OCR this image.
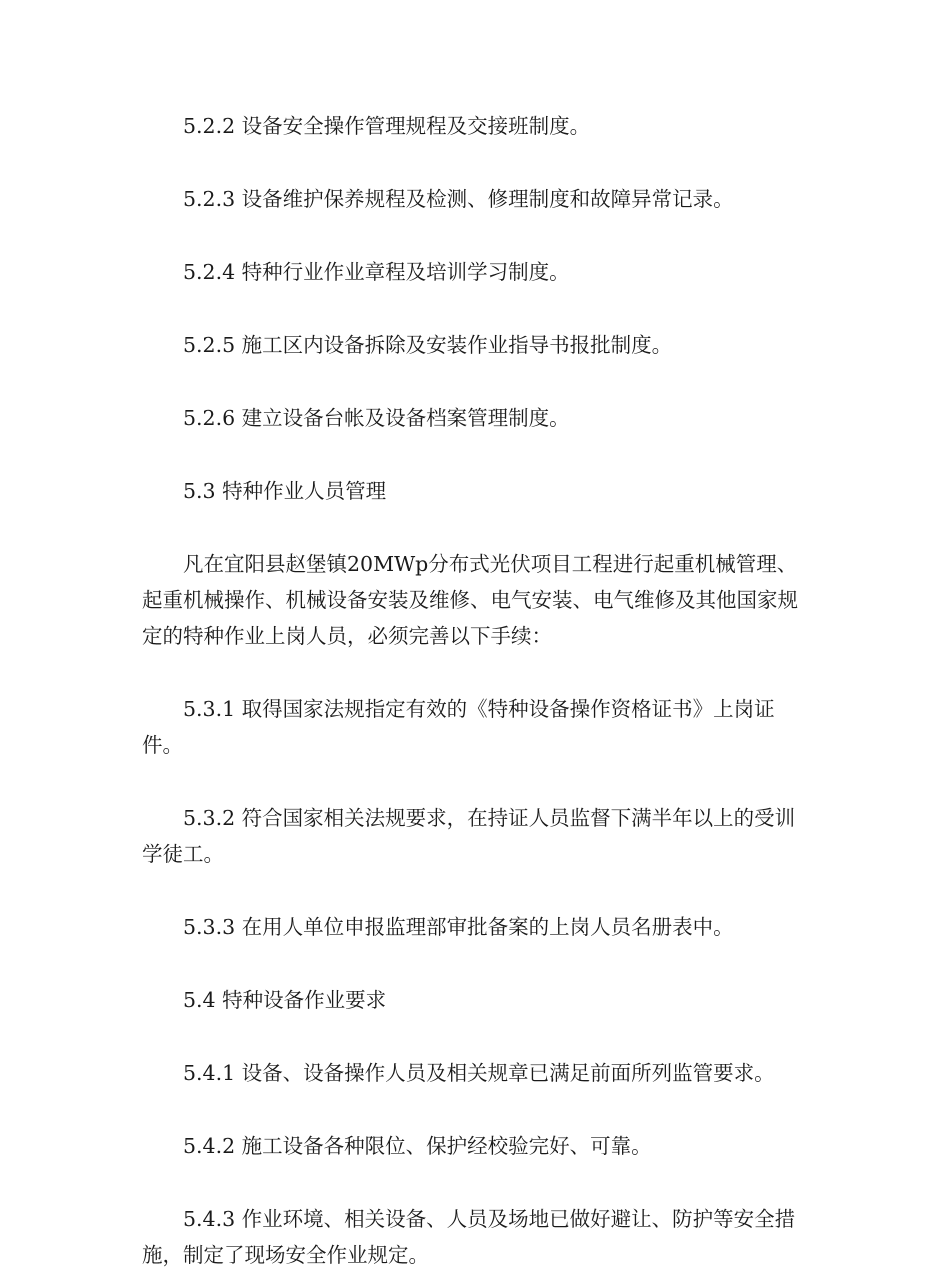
5.2.2 设备安全操作管理规程及交接班制度。

5.2.3 设备维护保养规程及检测、修理制度和故障异常记录。

5.2.4 特种行业作业章程及培训学习制度。

5.2.5 施工区内设备拆除及安装作业指导书报批制度。

5.2.6 建立设备台帐及设备档案管理制度。

5.3 特种作业人员管理

凡在宜阳县赵堡镇20MWp分布式光伏项目工程进行起重机械管理、起重机械操作、机械设备安装及维修、电气安装、电气维修及其他国家规定的特种作业上岗人员，必须完善以下手续：

5.3.1 取得国家法规指定有效的《特种设备操作资格证书》上岗证件。

5.3.2 符合国家相关法规要求，在持证人员监督下满半年以上的受训学徒工。

5.3.3 在用人单位申报监理部审批备案的上岗人员名册表中。

5.4 特种设备作业要求

5.4.1 设备、设备操作人员及相关规章已满足前面所列监管要求。

5.4.2 施工设备各种限位、保护经校验完好、可靠。

5.4.3 作业环境、相关设备、人员及场地已做好避让、防护等安全措施，制定了现场安全作业规定。
